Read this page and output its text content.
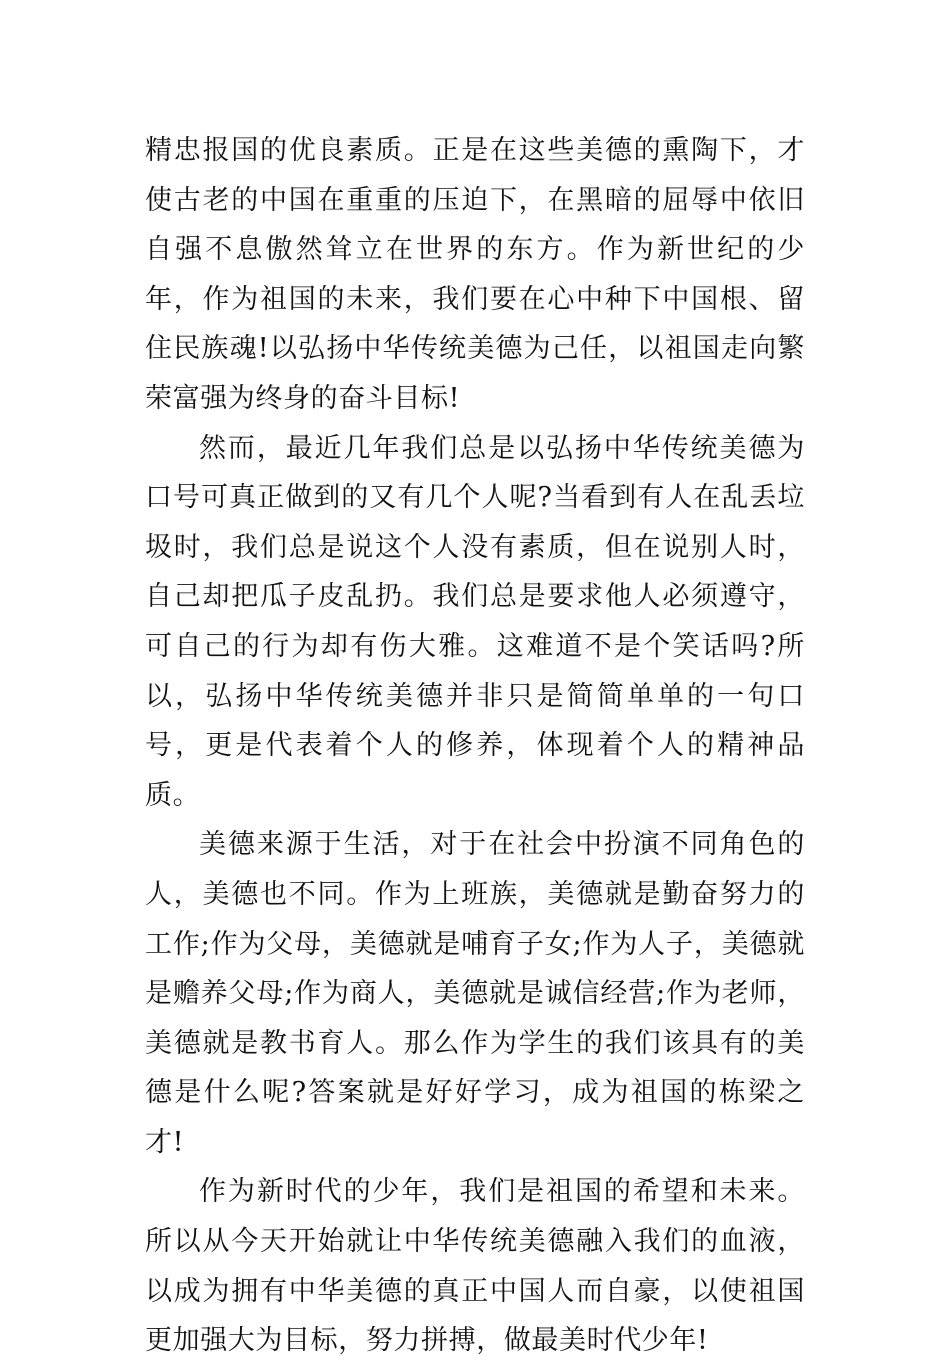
精忠报国的优良素质。正是在这些美德的熏陶下，才使古老的中国在重重的压迫下，在黑暗的屈辱中依旧自强不息傲然耸立在世界的东方。作为新世纪的少年，作为祖国的未来，我们要在心中种下中国根、留住民族魂!以弘扬中华传统美德为己任，以祖国走向繁荣富强为终身的奋斗目标!

然而，最近几年我们总是以弘扬中华传统美德为口号可真正做到的又有几个人呢?当看到有人在乱丢垃圾时，我们总是说这个人没有素质，但在说别人时，自己却把瓜子皮乱扔。我们总是要求他人必须遵守，可自己的行为却有伤大雅。这难道不是个笑话吗?所以，弘扬中华传统美德并非只是简简单单的一句口号，更是代表着个人的修养，体现着个人的精神品质。

美德来源于生活，对于在社会中扮演不同角色的人，美德也不同。作为上班族，美德就是勤奋努力的工作;作为父母，美德就是哺育子女;作为人子，美德就是赡养父母;作为商人，美德就是诚信经营;作为老师，美德就是教书育人。那么作为学生的我们该具有的美德是什么呢?答案就是好好学习，成为祖国的栋梁之才!

作为新时代的少年，我们是祖国的希望和未来。所以从今天开始就让中华传统美德融入我们的血液，以成为拥有中华美德的真正中国人而自豪，以使祖国更加强大为目标，努力拼搏，做最美时代少年!
